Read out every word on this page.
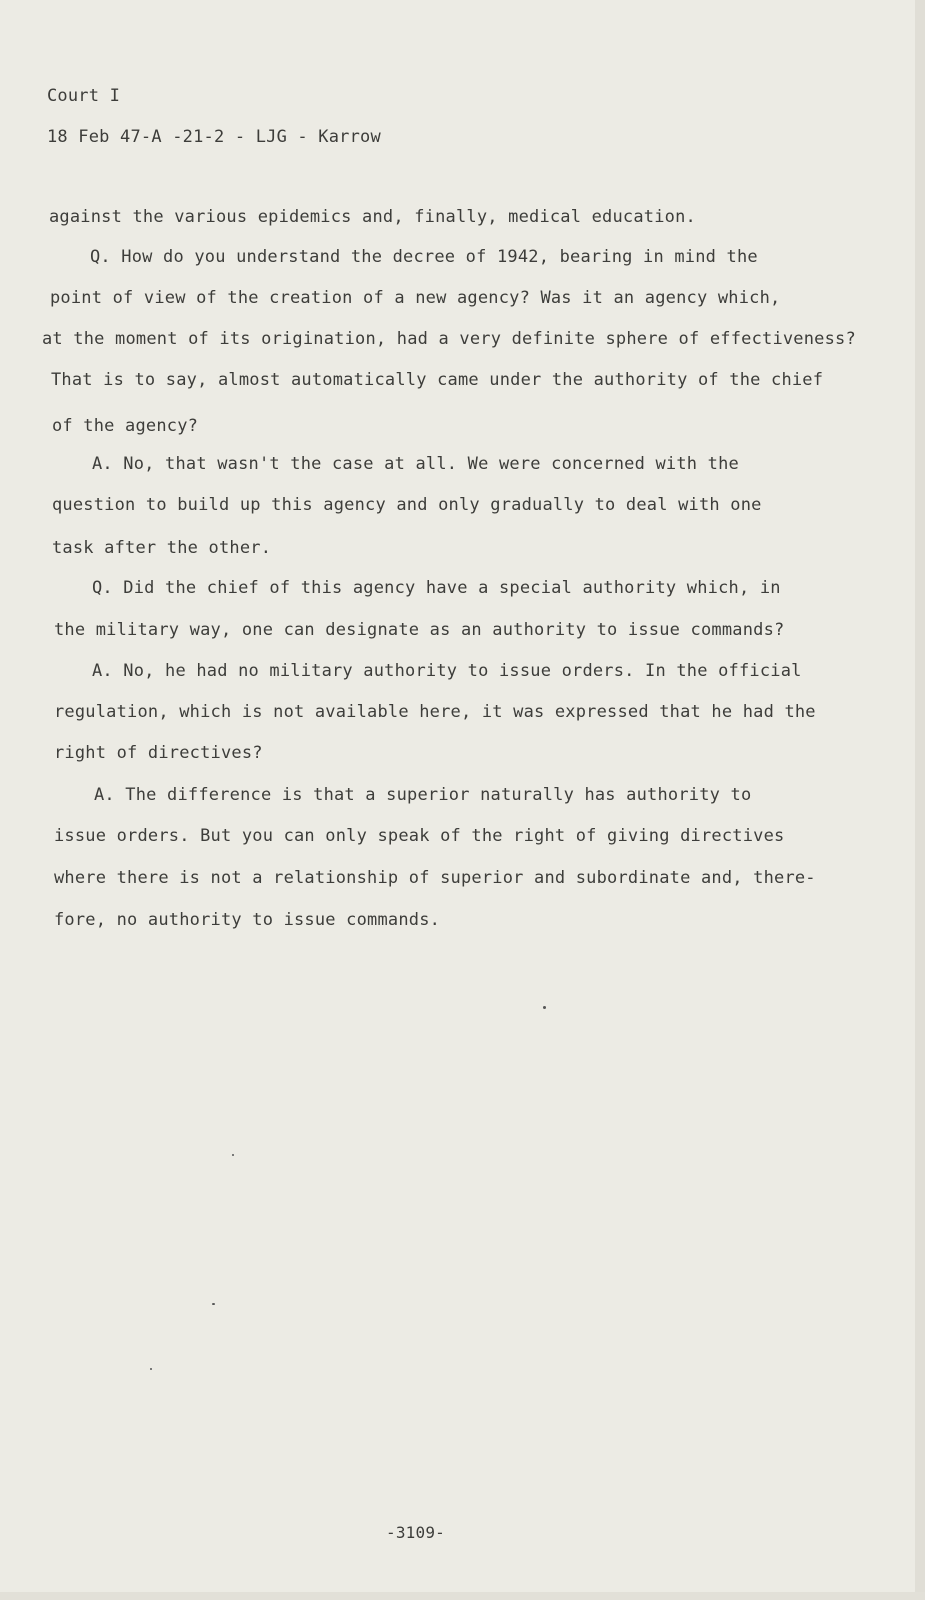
Court I
18 Feb 47-A -21-2 - LJG - Karrow
against the various epidemics and, finally, medical education.
Q. How do you understand the decree of 1942, bearing in mind the
point of view of the creation of a new agency? Was it an agency which,
at the moment of its origination, had a very definite sphere of effectiveness?
That is to say, almost automatically came under the authority of the chief
of the agency?
A. No, that wasn't the case at all. We were concerned with the
question to build up this agency and only gradually to deal with one
task after the other.
Q. Did the chief of this agency have a special authority which, in
the military way, one can designate as an authority to issue commands?
A. No, he had no military authority to issue orders. In the official
regulation, which is not available here, it was expressed that he had the
right of directives?
A. The difference is that a superior naturally has authority to
issue orders. But you can only speak of the right of giving directives
where there is not a relationship of superior and subordinate and, there-
fore, no authority to issue commands.
-3109-
